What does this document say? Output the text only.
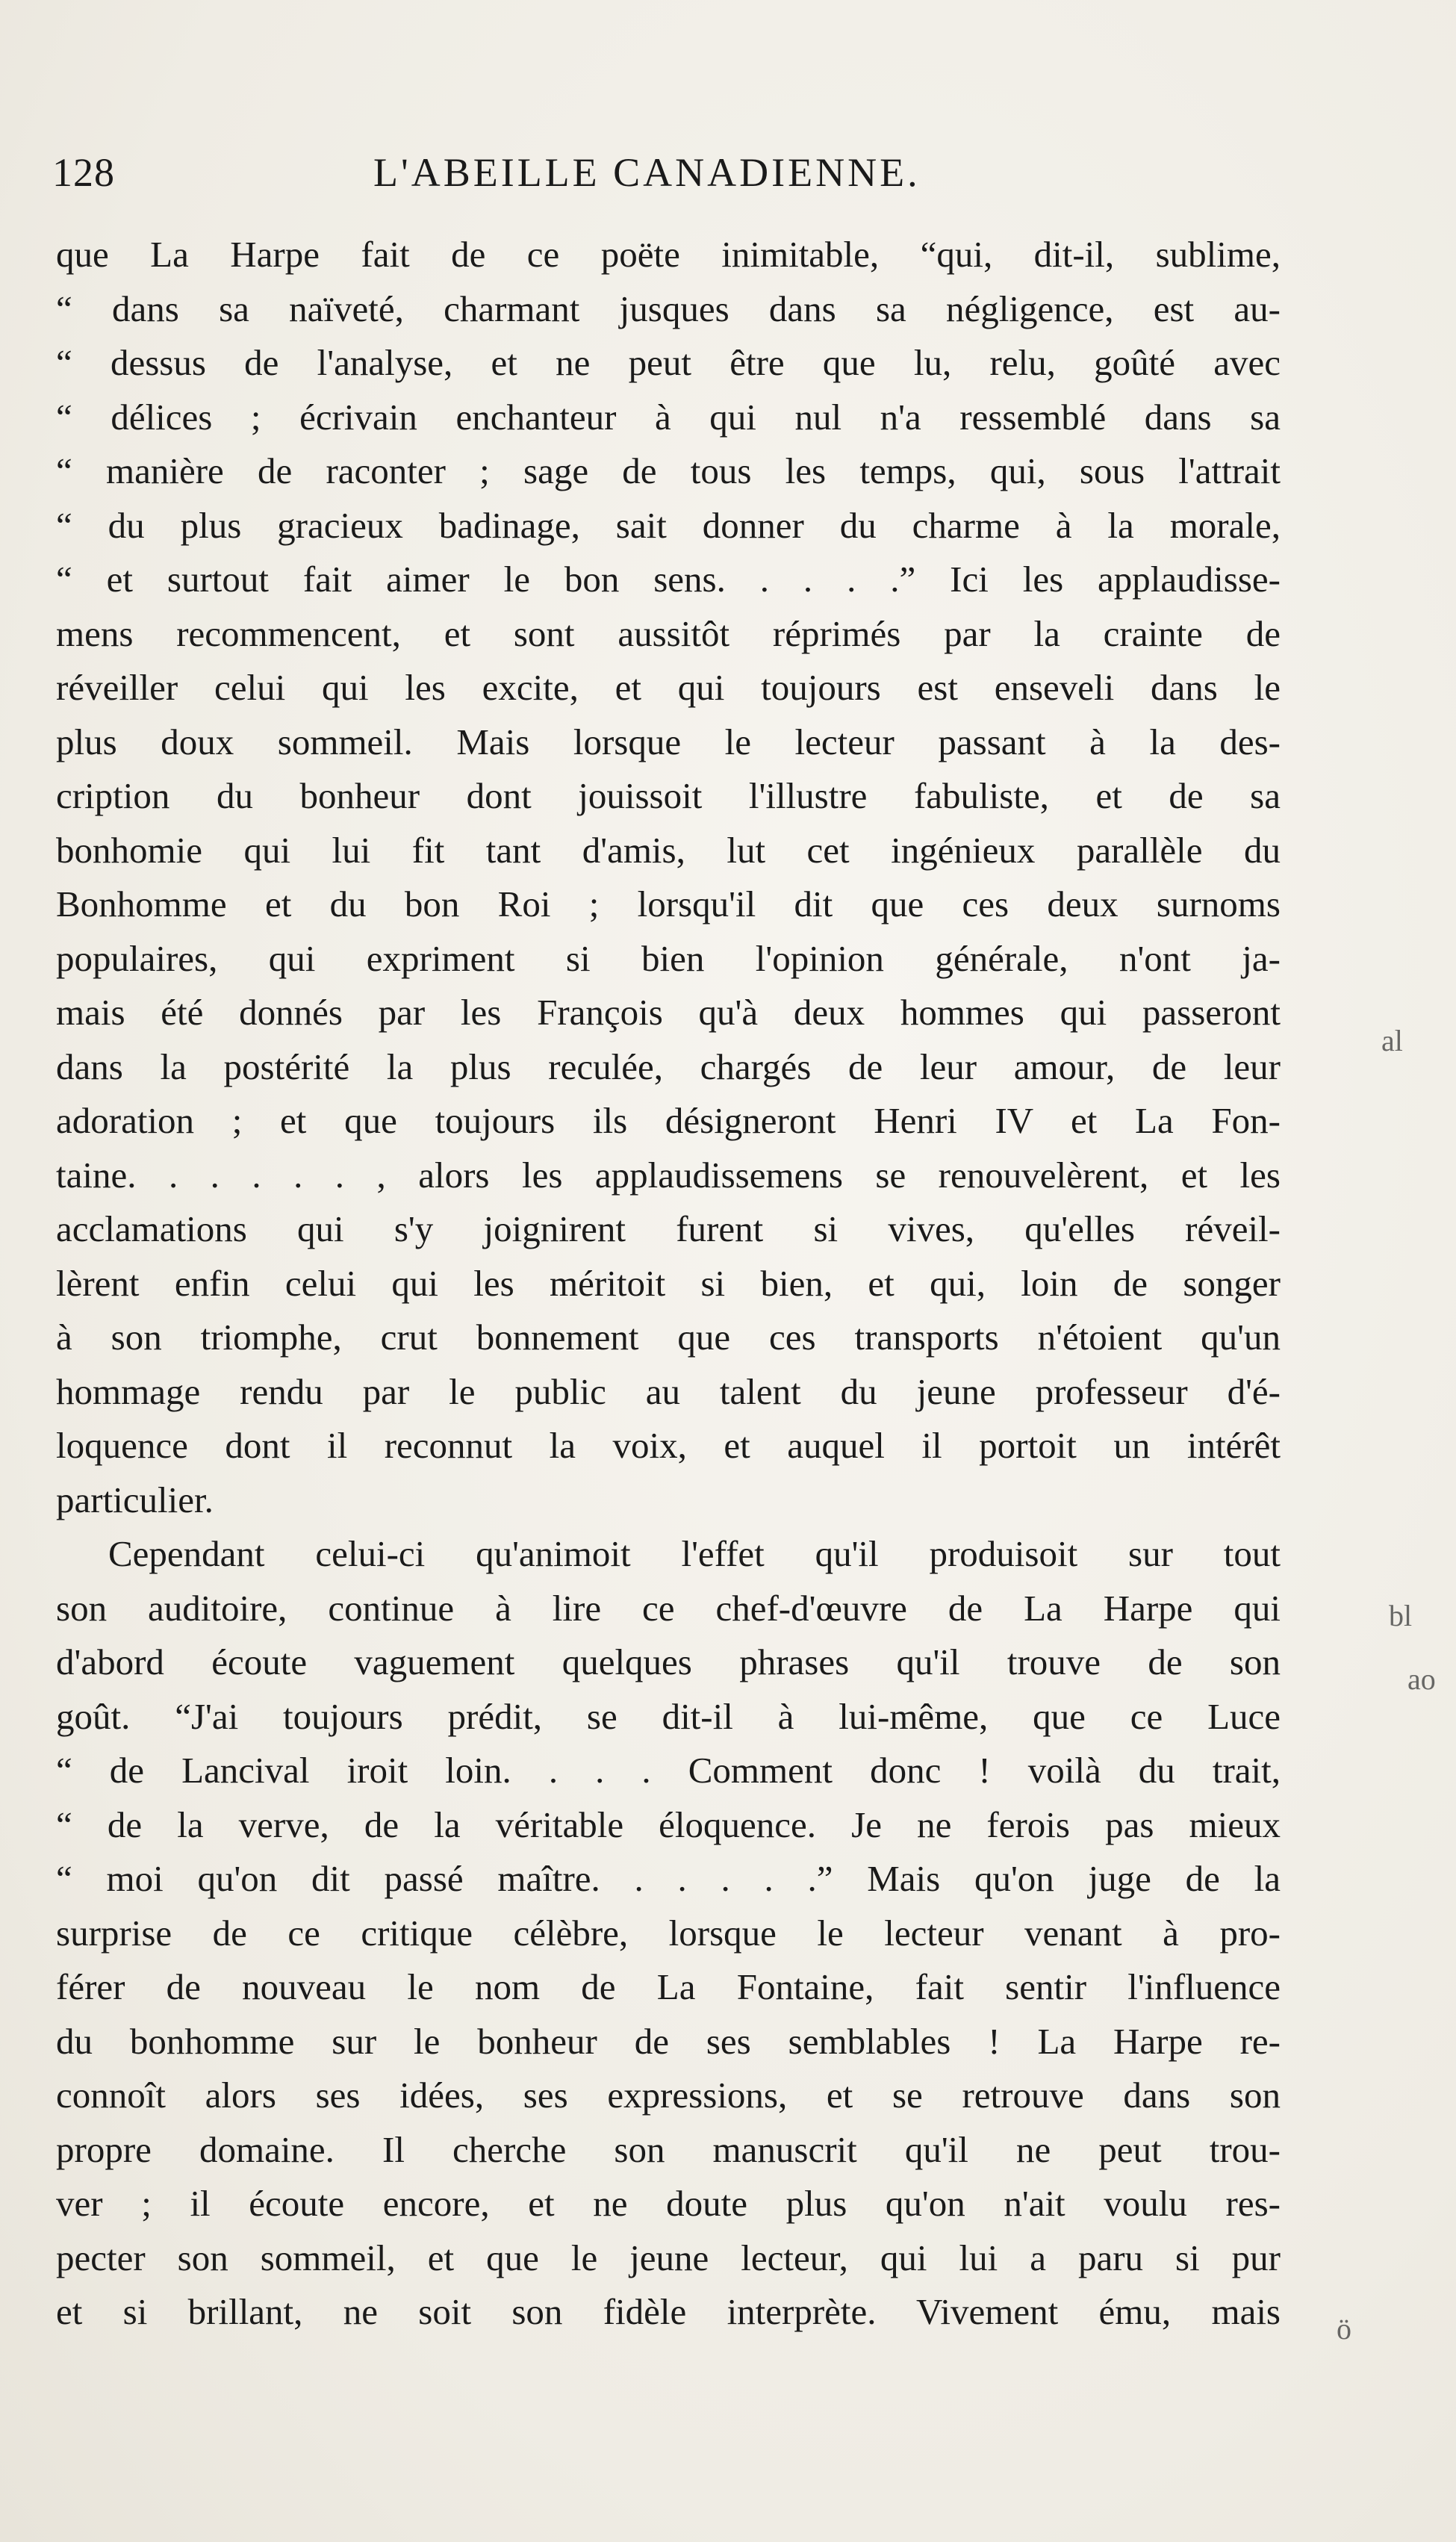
128	L'ABEILLE CANADIENNE.
que La Harpe fait de ce poëte inimitable, “qui, dit-il, sublime,
“ dans sa naïveté, charmant jusques dans sa négligence, est au-
“ dessus de l'analyse, et ne peut être que lu, relu, goûté avec
“ délices ; écrivain enchanteur à qui nul n'a ressemblé dans sa
“ manière de raconter ; sage de tous les temps, qui, sous l'attrait
“ du plus gracieux badinage, sait donner du charme à la morale,
“ et surtout fait aimer le bon sens. . . . .” Ici les applaudisse-
mens recommencent, et sont aussitôt réprimés par la crainte de
réveiller celui qui les excite, et qui toujours est enseveli dans le
plus doux sommeil. Mais lorsque le lecteur passant à la des-
cription du bonheur dont jouissoit l'illustre fabuliste, et de sa
bonhomie qui lui fit tant d'amis, lut cet ingénieux parallèle du
Bonhomme et du bon Roi ; lorsqu'il dit que ces deux surnoms
populaires, qui expriment si bien l'opinion générale, n'ont ja-
mais été donnés par les François qu'à deux hommes qui passeront
dans la postérité la plus reculée, chargés de leur amour, de leur
adoration ; et que toujours ils désigneront Henri IV et La Fon-
taine. . . . . . , alors les applaudissemens se renouvelèrent, et les
acclamations qui s'y joignirent furent si vives, qu'elles réveil-
lèrent enfin celui qui les méritoit si bien, et qui, loin de songer
à son triomphe, crut bonnement que ces transports n'étoient qu'un
hommage rendu par le public au talent du jeune professeur d'é-
loquence dont il reconnut la voix, et auquel il portoit un intérêt
particulier.
Cependant celui-ci qu'animoit l'effet qu'il produisoit sur tout
son auditoire, continue à lire ce chef-d'œuvre de La Harpe qui
d'abord écoute vaguement quelques phrases qu'il trouve de son
goût. “J'ai toujours prédit, se dit-il à lui-même, que ce Luce
“ de Lancival iroit loin. . . . Comment donc ! voilà du trait,
“ de la verve, de la véritable éloquence. Je ne ferois pas mieux
“ moi qu'on dit passé maître. . . . . .” Mais qu'on juge de la
surprise de ce critique célèbre, lorsque le lecteur venant à pro-
férer de nouveau le nom de La Fontaine, fait sentir l'influence
du bonhomme sur le bonheur de ses semblables ! La Harpe re-
connoît alors ses idées, ses expressions, et se retrouve dans son
propre domaine. Il cherche son manuscrit qu'il ne peut trou-
ver ; il écoute encore, et ne doute plus qu'on n'ait voulu res-
pecter son sommeil, et que le jeune lecteur, qui lui a paru si pur
et si brillant, ne soit son fidèle interprète. Vivement ému, mais
al
bl
ao
ö
